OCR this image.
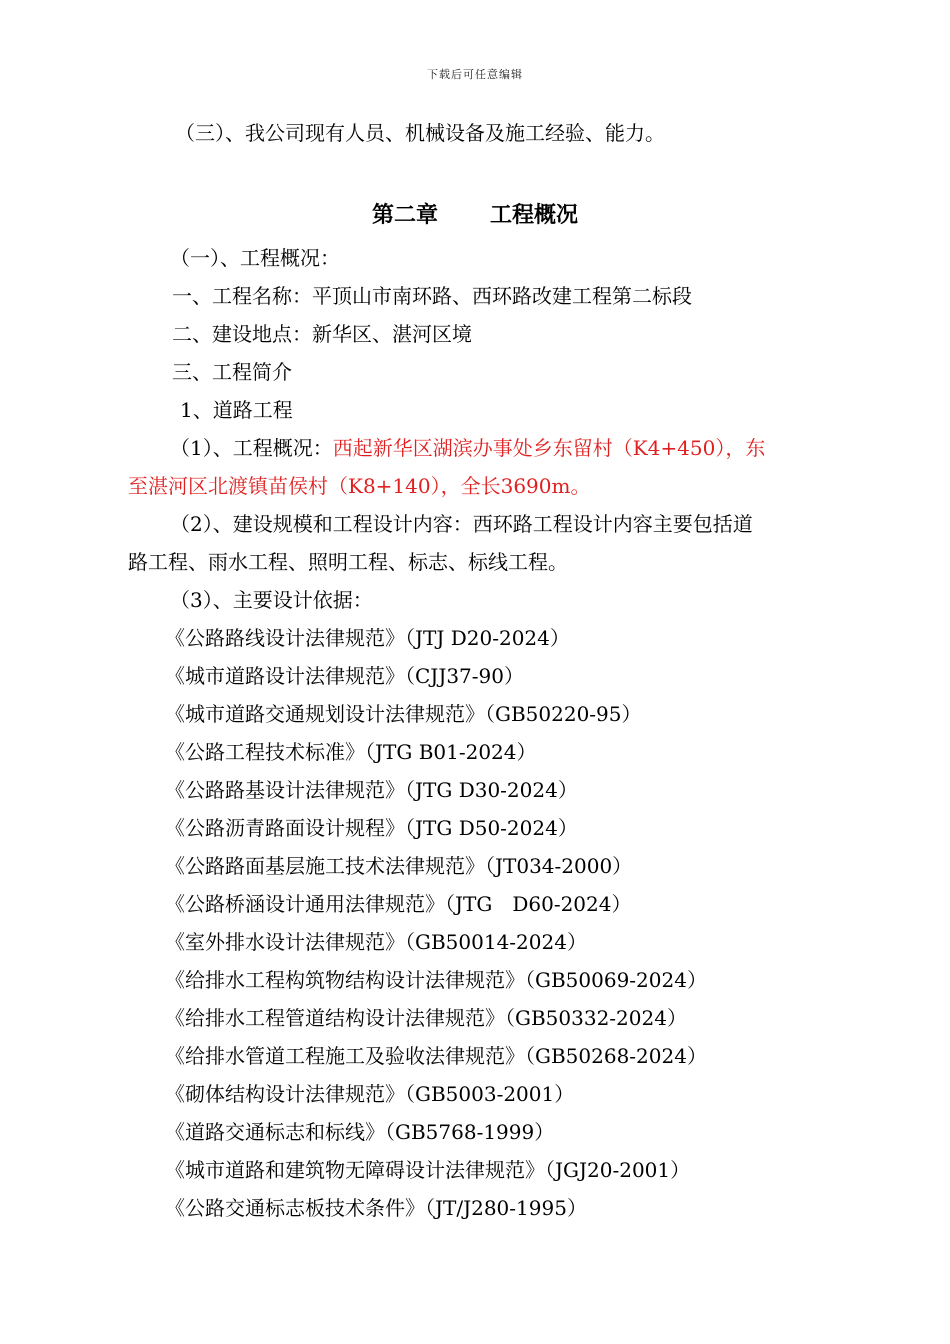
下载后可任意编辑
（三）、我公司现有人员、机械设备及施工经验、能力。
第二章 工程概况
（一）、工程概况：
一、工程名称：平顶山市南环路、西环路改建工程第二标段
二、建设地点：新华区、湛河区境
三、工程简介
1、道路工程
（1）、工程概况：西起新华区湖滨办事处乡东留村（K4+450），东
至湛河区北渡镇苗侯村（K8+140），全长3690m。
（2）、建设规模和工程设计内容：西环路工程设计内容主要包括道
路工程、雨水工程、照明工程、标志、标线工程。
（3）、主要设计依据：
《公路路线设计法律规范》（JTJ D20-2024）
《城市道路设计法律规范》（CJJ37-90）
《城市道路交通规划设计法律规范》（GB50220-95）
《公路工程技术标准》（JTG B01-2024）
《公路路基设计法律规范》（JTG D30-2024）
《公路沥青路面设计规程》（JTG D50-2024）
《公路路面基层施工技术法律规范》（JT034-2000）
《公路桥涵设计通用法律规范》（JTG　D60-2024）
《室外排水设计法律规范》（GB50014-2024）
《给排水工程构筑物结构设计法律规范》（GB50069-2024）
《给排水工程管道结构设计法律规范》（GB50332-2024）
《给排水管道工程施工及验收法律规范》（GB50268-2024）
《砌体结构设计法律规范》（GB5003-2001）
《道路交通标志和标线》（GB5768-1999）
《城市道路和建筑物无障碍设计法律规范》（JGJ20-2001）
《公路交通标志板技术条件》（JT/J280-1995）
